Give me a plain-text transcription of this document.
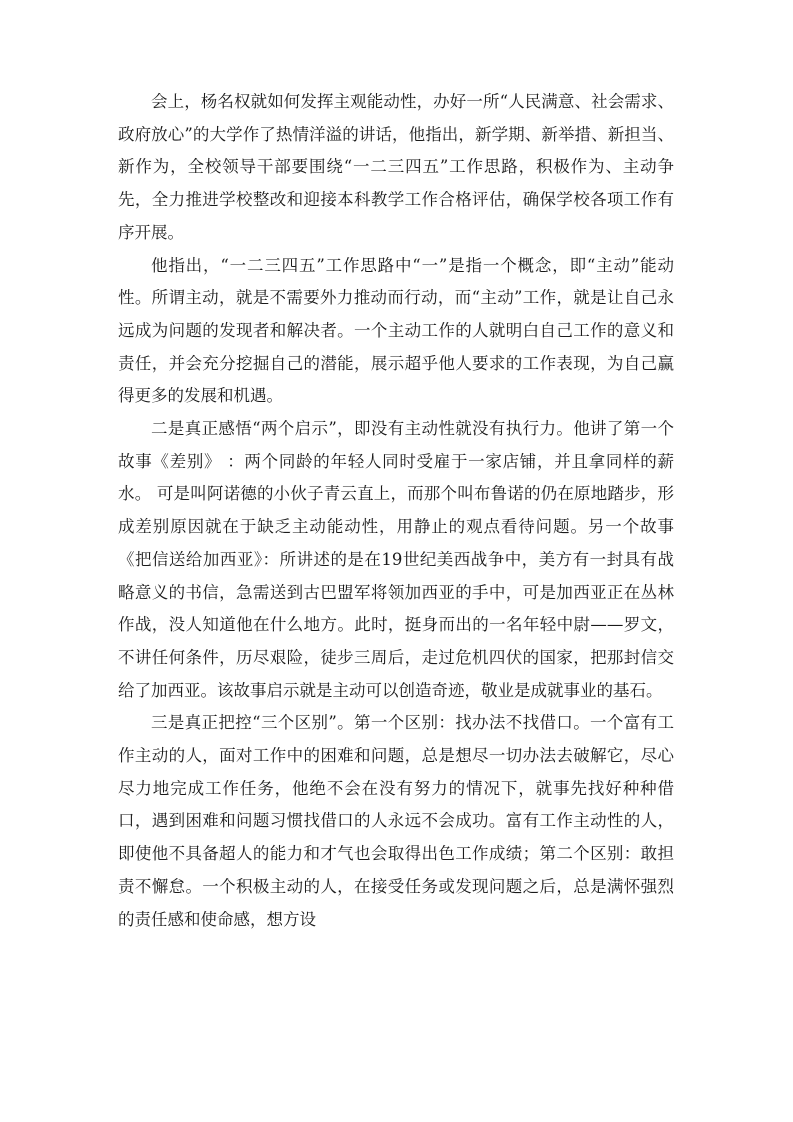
会上，杨名权就如何发挥主观能动性，办好一所“人民满意、社会需求、政府放心”的大学作了热情洋溢的讲话，他指出，新学期、新举措、新担当、新作为，全校领导干部要围绕“一二三四五”工作思路，积极作为、主动争先，全力推进学校整改和迎接本科教学工作合格评估，确保学校各项工作有序开展。

他指出，“一二三四五”工作思路中“一”是指一个概念，即“主动”能动性。所谓主动，就是不需要外力推动而行动，而“主动”工作，就是让自己永远成为问题的发现者和解决者。一个主动工作的人就明白自己工作的意义和责任，并会充分挖掘自己的潜能，展示超乎他人要求的工作表现，为自己赢得更多的发展和机遇。

二是真正感悟“两个启示”，即没有主动性就没有执行力。他讲了第一个故事《差别》 ：两个同龄的年轻人同时受雇于一家店铺，并且拿同样的薪水。 可是叫阿诺德的小伙子青云直上，而那个叫布鲁诺的仍在原地踏步，形成差别原因就在于缺乏主动能动性，用静止的观点看待问题。另一个故事《把信送给加西亚》：所讲述的是在19世纪美西战争中，美方有一封具有战略意义的书信，急需送到古巴盟军将领加西亚的手中，可是加西亚正在丛林作战，没人知道他在什么地方。此时，挺身而出的一名年轻中尉——罗文，不讲任何条件，历尽艰险，徒步三周后，走过危机四伏的国家，把那封信交给了加西亚。该故事启示就是主动可以创造奇迹，敬业是成就事业的基石。

三是真正把控“三个区别”。第一个区别：找办法不找借口。一个富有工作主动的人，面对工作中的困难和问题，总是想尽一切办法去破解它，尽心尽力地完成工作任务，他绝不会在没有努力的情况下，就事先找好种种借口，遇到困难和问题习惯找借口的人永远不会成功。富有工作主动性的人，即使他不具备超人的能力和才气也会取得出色工作成绩；第二个区别：敢担责不懈怠。一个积极主动的人，在接受任务或发现问题之后，总是满怀强烈的责任感和使命感，想方设
